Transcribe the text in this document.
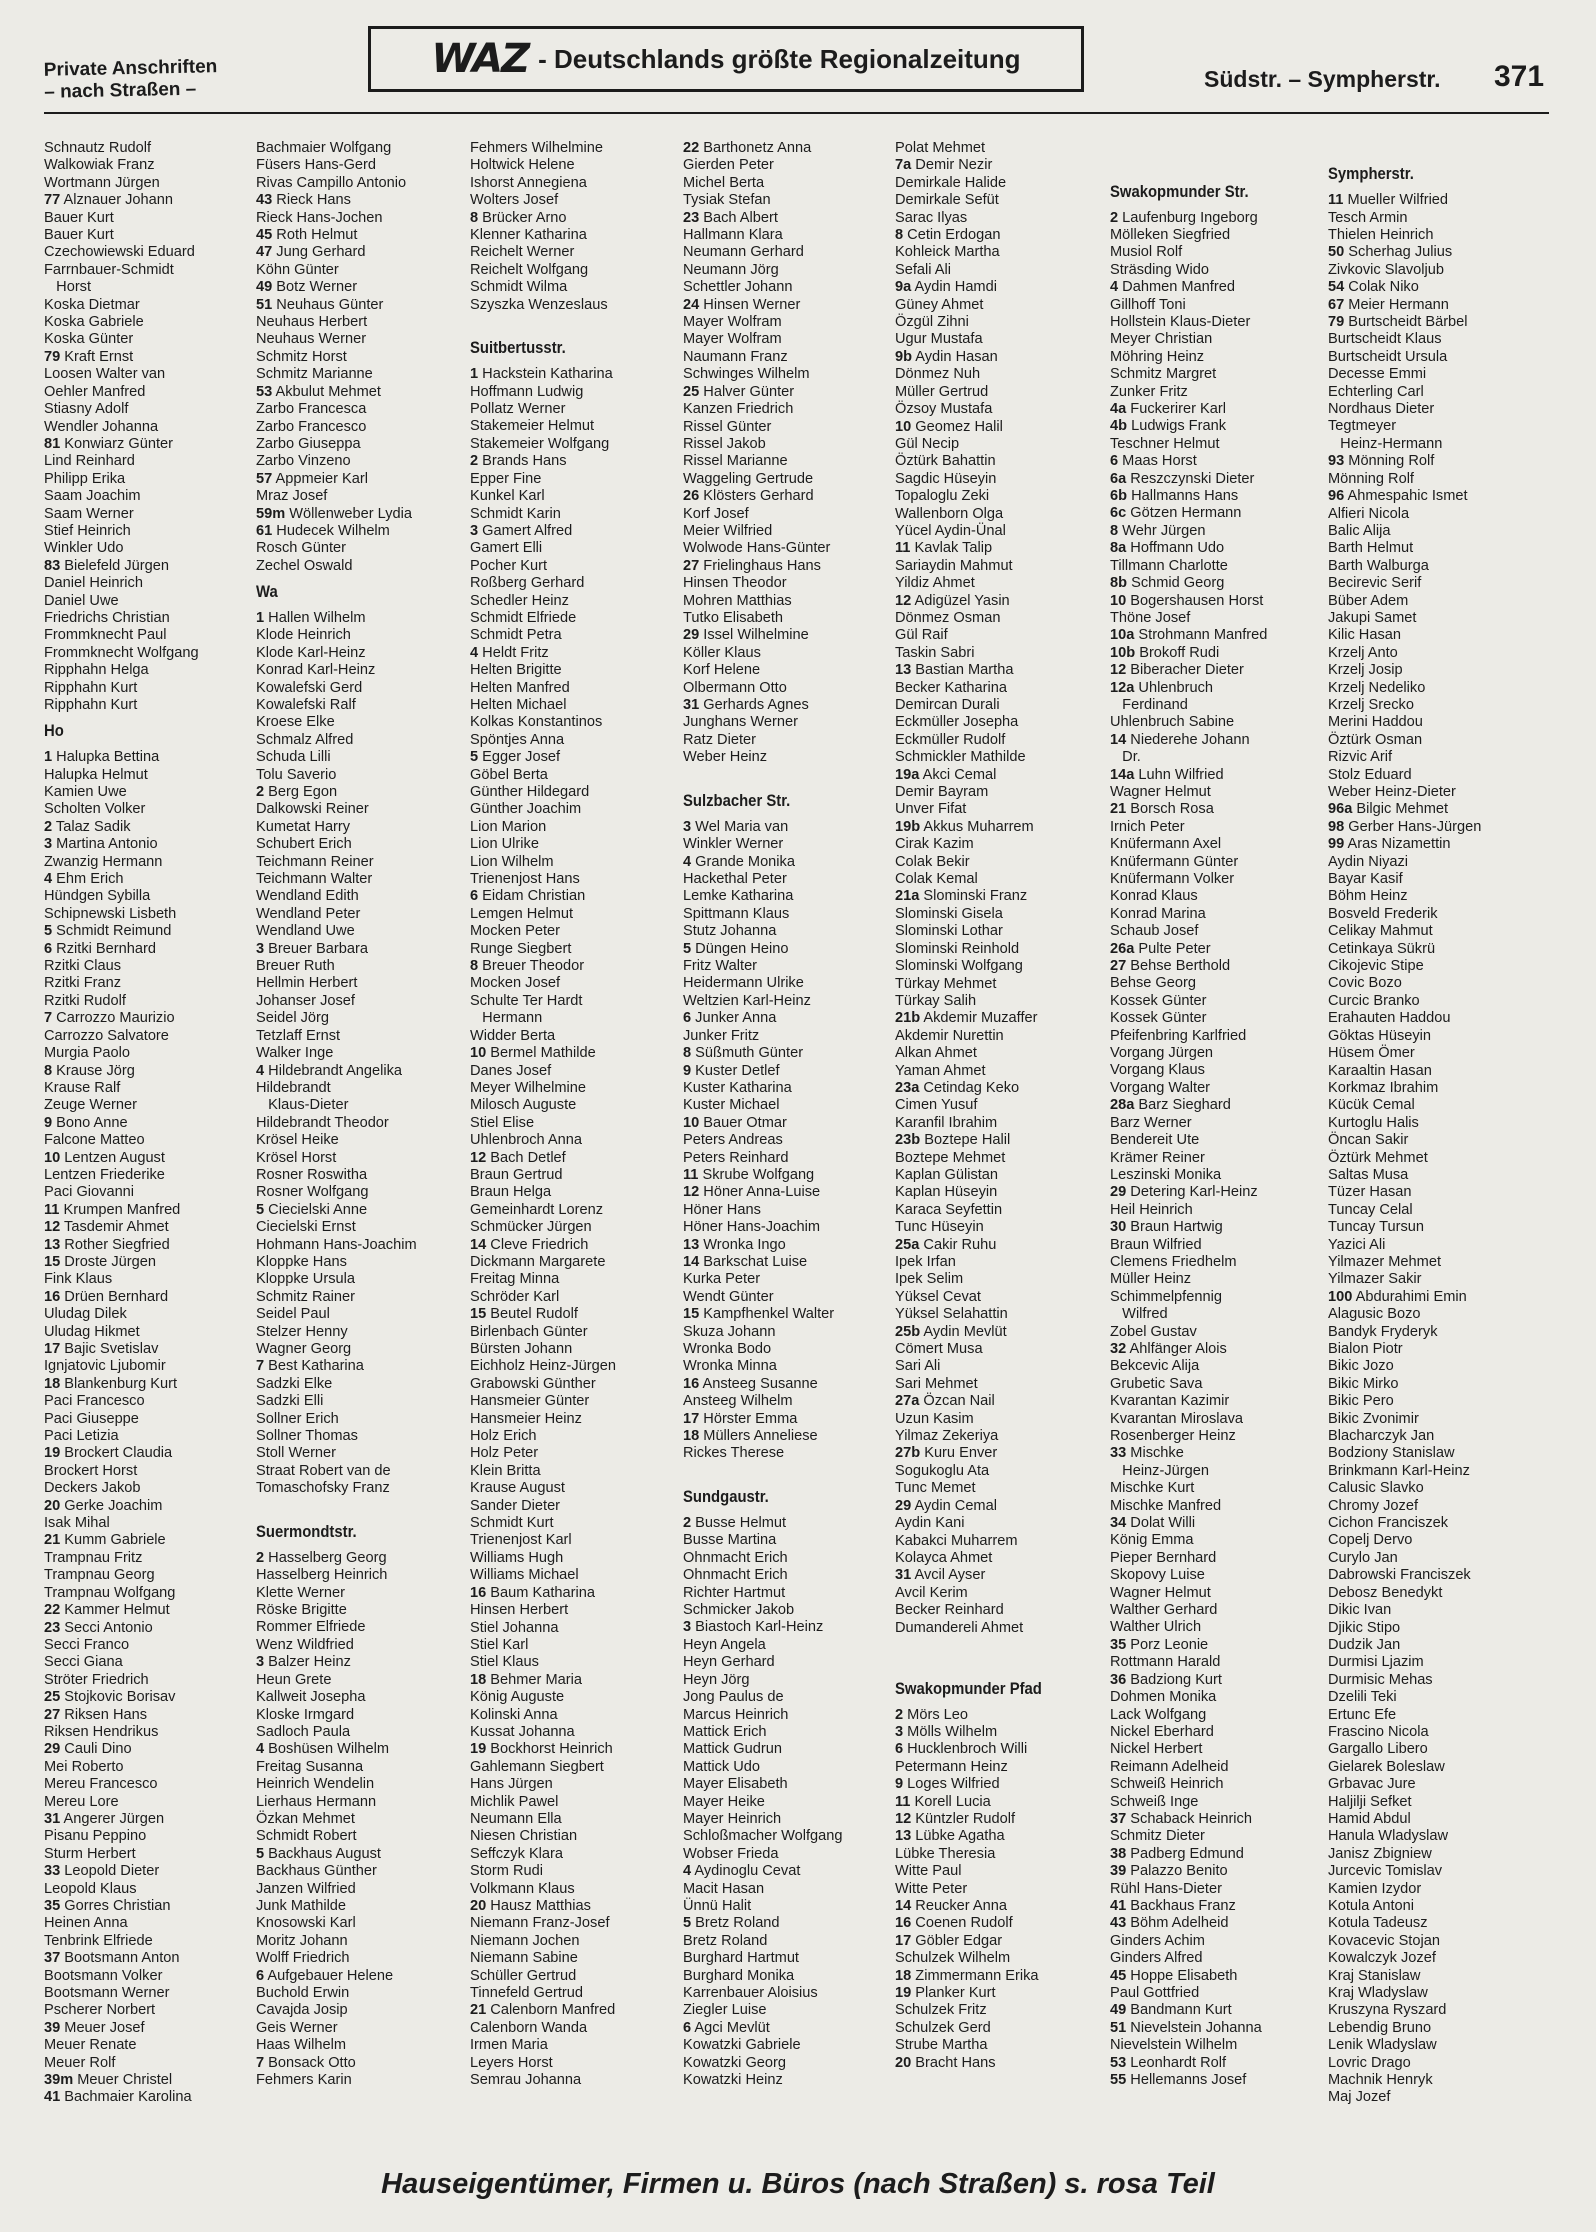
Private Anschriften
– nach Straßen –
WAZ - Deutschlands größte Regionalzeitung
Südstr. – Sympherstr. 371
Schnautz Rudolf
Walkowiak Franz
Wortmann Jürgen
77 Alznauer Johann
Bauer Kurt
Bauer Kurt
Czechowiewski Eduard
Farrnbauer-Schmidt
Horst
Koska Dietmar
Koska Gabriele
Koska Günter
79 Kraft Ernst
Loosen Walter van
Oehler Manfred
Stiasny Adolf
Wendler Johanna
81 Konwiarz Günter
Lind Reinhard
Philipp Erika
Saam Joachim
Saam Werner
Stief Heinrich
Winkler Udo
83 Bielefeld Jürgen
Daniel Heinrich
Daniel Uwe
Friedrichs Christian
Frommknecht Paul
Frommknecht Wolfgang
Ripphahn Helga
Ripphahn Kurt
Ripphahn Kurt
Ho
1 Halupka Bettina
Halupka Helmut
Kamien Uwe
Scholten Volker
2 Talaz Sadik
3 Martina Antonio
Zwanzig Hermann
4 Ehm Erich
Hündgen Sybilla
Schipnewski Lisbeth
5 Schmidt Reimund
6 Rzitki Bernhard
Rzitki Claus
Rzitki Franz
Rzitki Rudolf
7 Carrozzo Maurizio
Carrozzo Salvatore
Murgia Paolo
8 Krause Jörg
Krause Ralf
Zeuge Werner
9 Bono Anne
Falcone Matteo
10 Lentzen August
Lentzen Friederike
Paci Giovanni
11 Krumpen Manfred
12 Tasdemir Ahmet
13 Rother Siegfried
15 Droste Jürgen
Fink Klaus
16 Drüen Bernhard
Uludag Dilek
Uludag Hikmet
17 Bajic Svetislav
Ignjatovic Ljubomir
18 Blankenburg Kurt
Paci Francesco
Paci Giuseppe
Paci Letizia
19 Brockert Claudia
Brockert Horst
Deckers Jakob
20 Gerke Joachim
Isak Mihal
21 Kumm Gabriele
Trampnau Fritz
Trampnau Georg
Trampnau Wolfgang
22 Kammer Helmut
23 Secci Antonio
Secci Franco
Secci Giana
Ströter Friedrich
25 Stojkovic Borisav
27 Riksen Hans
Riksen Hendrikus
29 Cauli Dino
Mei Roberto
Mereu Francesco
Mereu Lore
31 Angerer Jürgen
Pisanu Peppino
Sturm Herbert
33 Leopold Dieter
Leopold Klaus
35 Gorres Christian
Heinen Anna
Tenbrink Elfriede
37 Bootsmann Anton
Bootsmann Volker
Bootsmann Werner
Pscherer Norbert
39 Meuer Josef
Meuer Renate
Meuer Rolf
39m Meuer Christel
41 Bachmaier Karolina
Bachmaier Wolfgang
Füsers Hans-Gerd
Rivas Campillo Antonio
43 Rieck Hans
Rieck Hans-Jochen
45 Roth Helmut
47 Jung Gerhard
Köhn Günter
49 Botz Werner
51 Neuhaus Günter
Neuhaus Herbert
Neuhaus Werner
Schmitz Horst
Schmitz Marianne
53 Akbulut Mehmet
Zarbo Francesca
Zarbo Francesco
Zarbo Giuseppa
Zarbo Vinzeno
57 Appmeier Karl
Mraz Josef
59m Wöllenweber Lydia
61 Hudecek Wilhelm
Rosch Günter
Zechel Oswald
Wa
1 Hallen Wilhelm
Klode Heinrich
Klode Karl-Heinz
Konrad Karl-Heinz
Kowalefski Gerd
Kowalefski Ralf
Kroese Elke
Schmalz Alfred
Schuda Lilli
Tolu Saverio
2 Berg Egon
Dalkowski Reiner
Kumetat Harry
Schubert Erich
Teichmann Reiner
Teichmann Walter
Wendland Edith
Wendland Peter
Wendland Uwe
3 Breuer Barbara
Breuer Ruth
Hellmin Herbert
Johanser Josef
Seidel Jörg
Tetzlaff Ernst
Walker Inge
4 Hildebrandt Angelika
Hildebrandt
Klaus-Dieter
Hildebrandt Theodor
Krösel Heike
Krösel Horst
Rosner Roswitha
Rosner Wolfgang
5 Ciecielski Anne
Ciecielski Ernst
Hohmann Hans-Joachim
Kloppke Hans
Kloppke Ursula
Schmitz Rainer
Seidel Paul
Stelzer Henny
Wagner Georg
7 Best Katharina
Sadzki Elke
Sadzki Elli
Sollner Erich
Sollner Thomas
Stoll Werner
Straat Robert van de
Tomaschofsky Franz
Suermondtstr.
2 Hasselberg Georg
Hasselberg Heinrich
Klette Werner
Röske Brigitte
Rommer Elfriede
Wenz Wildfried
3 Balzer Heinz
Heun Grete
Kallweit Josepha
Kloske Irmgard
Sadloch Paula
4 Boshüsen Wilhelm
Freitag Susanna
Heinrich Wendelin
Lierhaus Hermann
Özkan Mehmet
Schmidt Robert
5 Backhaus August
Backhaus Günther
Janzen Wilfried
Junk Mathilde
Knosowski Karl
Moritz Johann
Wolff Friedrich
6 Aufgebauer Helene
Buchold Erwin
Cavajda Josip
Geis Werner
Haas Wilhelm
7 Bonsack Otto
Fehmers Karin
Fehmers Wilhelmine
Holtwick Helene
Ishorst Annegiena
Wolters Josef
8 Brücker Arno
Klenner Katharina
Reichelt Werner
Reichelt Wolfgang
Schmidt Wilma
Szyszka Wenzeslaus
Suitbertusstr.
1 Hackstein Katharina
Hoffmann Ludwig
Pollatz Werner
Stakemeier Helmut
Stakemeier Wolfgang
2 Brands Hans
Epper Fine
Kunkel Karl
Schmidt Karin
3 Gamert Alfred
Gamert Elli
Pocher Kurt
Roßberg Gerhard
Schedler Heinz
Schmidt Elfriede
Schmidt Petra
4 Heldt Fritz
Helten Brigitte
Helten Manfred
Helten Michael
Kolkas Konstantinos
Spöntjes Anna
5 Egger Josef
Göbel Berta
Günther Hildegard
Günther Joachim
Lion Marion
Lion Ulrike
Lion Wilhelm
Trienenjost Hans
6 Eidam Christian
Lemgen Helmut
Mocken Peter
Runge Siegbert
8 Breuer Theodor
Mocken Josef
Schulte Ter Hardt
Hermann
Widder Berta
10 Bermel Mathilde
Danes Josef
Meyer Wilhelmine
Milosch Auguste
Stiel Elise
Uhlenbroch Anna
12 Bach Detlef
Braun Gertrud
Braun Helga
Gemeinhardt Lorenz
Schmücker Jürgen
14 Cleve Friedrich
Dickmann Margarete
Freitag Minna
Schröder Karl
15 Beutel Rudolf
Birlenbach Günter
Bürsten Johann
Eichholz Heinz-Jürgen
Grabowski Günther
Hansmeier Günter
Hansmeier Heinz
Holz Erich
Holz Peter
Klein Britta
Krause August
Sander Dieter
Schmidt Kurt
Trienenjost Karl
Williams Hugh
Williams Michael
16 Baum Katharina
Hinsen Herbert
Stiel Johanna
Stiel Karl
Stiel Klaus
18 Behmer Maria
König Auguste
Kolinski Anna
Kussat Johanna
19 Bockhorst Heinrich
Gahlemann Siegbert
Hans Jürgen
Michlik Pawel
Neumann Ella
Niesen Christian
Seffczyk Klara
Storm Rudi
Volkmann Klaus
20 Hausz Matthias
Niemann Franz-Josef
Niemann Jochen
Niemann Sabine
Schüller Gertrud
Tinnefeld Gertrud
21 Calenborn Manfred
Calenborn Wanda
Irmen Maria
Leyers Horst
Semrau Johanna
22 Barthonetz Anna
Gierden Peter
Michel Berta
Tysiak Stefan
23 Bach Albert
Hallmann Klara
Neumann Gerhard
Neumann Jörg
Schettler Johann
24 Hinsen Werner
Mayer Wolfram
Mayer Wolfram
Naumann Franz
Schwinges Wilhelm
25 Halver Günter
Kanzen Friedrich
Rissel Günter
Rissel Jakob
Rissel Marianne
Waggeling Gertrude
26 Klösters Gerhard
Korf Josef
Meier Wilfried
Wolwode Hans-Günter
27 Frielinghaus Hans
Hinsen Theodor
Mohren Matthias
Tutko Elisabeth
29 Issel Wilhelmine
Köller Klaus
Korf Helene
Olbermann Otto
31 Gerhards Agnes
Junghans Werner
Ratz Dieter
Weber Heinz
Sulzbacher Str.
3 Wel Maria van
Winkler Werner
4 Grande Monika
Hackethal Peter
Lemke Katharina
Spittmann Klaus
Stutz Johanna
5 Düngen Heino
Fritz Walter
Heidermann Ulrike
Weltzien Karl-Heinz
6 Junker Anna
Junker Fritz
8 Süßmuth Günter
9 Kuster Detlef
Kuster Katharina
Kuster Michael
10 Bauer Otmar
Peters Andreas
Peters Reinhard
11 Skrube Wolfgang
12 Höner Anna-Luise
Höner Hans
Höner Hans-Joachim
13 Wronka Ingo
14 Barkschat Luise
Kurka Peter
Wendt Günter
15 Kampfhenkel Walter
Skuza Johann
Wronka Bodo
Wronka Minna
16 Ansteeg Susanne
Ansteeg Wilhelm
17 Hörster Emma
18 Müllers Anneliese
Rickes Therese
Sundgaustr.
2 Busse Helmut
Busse Martina
Ohnmacht Erich
Ohnmacht Erich
Richter Hartmut
Schmicker Jakob
3 Biastoch Karl-Heinz
Heyn Angela
Heyn Gerhard
Heyn Jörg
Jong Paulus de
Marcus Heinrich
Mattick Erich
Mattick Gudrun
Mattick Udo
Mayer Elisabeth
Mayer Heike
Mayer Heinrich
Schloßmacher Wolfgang
Wobser Frieda
4 Aydinoglu Cevat
Macit Hasan
Ünnü Halit
5 Bretz Roland
Bretz Roland
Burghard Hartmut
Burghard Monika
Karrenbauer Aloisius
Ziegler Luise
6 Agci Mevlüt
Kowatzki Gabriele
Kowatzki Georg
Kowatzki Heinz
Polat Mehmet
7a Demir Nezir
Demirkale Halide
Demirkale Sefüt
Sarac Ilyas
8 Cetin Erdogan
Kohleick Martha
Sefali Ali
9a Aydin Hamdi
Güney Ahmet
Özgül Zihni
Ugur Mustafa
9b Aydin Hasan
Dönmez Nuh
Müller Gertrud
Özsoy Mustafa
10 Geomez Halil
Gül Necip
Öztürk Bahattin
Sagdic Hüseyin
Topaloglu Zeki
Wallenborn Olga
Yücel Aydin-Ünal
11 Kavlak Talip
Sariaydin Mahmut
Yildiz Ahmet
12 Adigüzel Yasin
Dönmez Osman
Gül Raif
Taskin Sabri
13 Bastian Martha
Becker Katharina
Demircan Durali
Eckmüller Josepha
Eckmüller Rudolf
Schmickler Mathilde
19a Akci Cemal
Demir Bayram
Unver Fifat
19b Akkus Muharrem
Cirak Kazim
Colak Bekir
Colak Kemal
21a Slominski Franz
Slominski Gisela
Slominski Lothar
Slominski Reinhold
Slominski Wolfgang
Türkay Mehmet
Türkay Salih
21b Akdemir Muzaffer
Akdemir Nurettin
Alkan Ahmet
Yaman Ahmet
23a Cetindag Keko
Cimen Yusuf
Karanfil Ibrahim
23b Boztepe Halil
Boztepe Mehmet
Kaplan Gülistan
Kaplan Hüseyin
Karaca Seyfettin
Tunc Hüseyin
25a Cakir Ruhu
Ipek Irfan
Ipek Selim
Yüksel Cevat
Yüksel Selahattin
25b Aydin Mevlüt
Cömert Musa
Sari Ali
Sari Mehmet
27a Özcan Nail
Uzun Kasim
Yilmaz Zekeriya
27b Kuru Enver
Sogukoglu Ata
Tunc Memet
29 Aydin Cemal
Aydin Kani
Kabakci Muharrem
Kolayca Ahmet
31 Avcil Ayser
Avcil Kerim
Becker Reinhard
Dumandereli Ahmet
Swakopmunder Pfad
2 Mörs Leo
3 Mölls Wilhelm
6 Hucklenbroch Willi
Petermann Heinz
9 Loges Wilfried
11 Korell Lucia
12 Küntzler Rudolf
13 Lübke Agatha
Lübke Theresia
Witte Paul
Witte Peter
14 Reucker Anna
16 Coenen Rudolf
17 Göbler Edgar
Schulzek Wilhelm
18 Zimmermann Erika
19 Planker Kurt
Schulzek Fritz
Schulzek Gerd
Strube Martha
20 Bracht Hans
Swakopmunder Str.
2 Laufenburg Ingeborg
Mölleken Siegfried
Musiol Rolf
Sträsding Wido
4 Dahmen Manfred
Gillhoff Toni
Hollstein Klaus-Dieter
Meyer Christian
Möhring Heinz
Schmitz Margret
Zunker Fritz
4a Fuckerirer Karl
4b Ludwigs Frank
Teschner Helmut
6 Maas Horst
6a Reszczynski Dieter
6b Hallmanns Hans
6c Götzen Hermann
8 Wehr Jürgen
8a Hoffmann Udo
Tillmann Charlotte
8b Schmid Georg
10 Bogershausen Horst
Thöne Josef
10a Strohmann Manfred
10b Brokoff Rudi
12 Biberacher Dieter
12a Uhlenbruch
Ferdinand
Uhlenbruch Sabine
14 Niederehe Johann
Dr.
14a Luhn Wilfried
Wagner Helmut
21 Borsch Rosa
Irnich Peter
Knüfermann Axel
Knüfermann Günter
Knüfermann Volker
Konrad Klaus
Konrad Marina
Schaub Josef
26a Pulte Peter
27 Behse Berthold
Behse Georg
Kossek Günter
Kossek Günter
Pfeifenbring Karlfried
Vorgang Jürgen
Vorgang Klaus
Vorgang Walter
28a Barz Sieghard
Barz Werner
Bendereit Ute
Krämer Reiner
Leszinski Monika
29 Detering Karl-Heinz
Heil Heinrich
30 Braun Hartwig
Braun Wilfried
Clemens Friedhelm
Müller Heinz
Schimmelpfennig
Wilfred
Zobel Gustav
32 Ahlfänger Alois
Bekcevic Alija
Grubetic Sava
Kvarantan Kazimir
Kvarantan Miroslava
Rosenberger Heinz
33 Mischke
Heinz-Jürgen
Mischke Kurt
Mischke Manfred
34 Dolat Willi
König Emma
Pieper Bernhard
Skopovy Luise
Wagner Helmut
Walther Gerhard
Walther Ulrich
35 Porz Leonie
Rottmann Harald
36 Badziong Kurt
Dohmen Monika
Lack Wolfgang
Nickel Eberhard
Nickel Herbert
Reimann Adelheid
Schweiß Heinrich
Schweiß Inge
37 Schaback Heinrich
Schmitz Dieter
38 Padberg Edmund
39 Palazzo Benito
Rühl Hans-Dieter
41 Backhaus Franz
43 Böhm Adelheid
Ginders Achim
Ginders Alfred
45 Hoppe Elisabeth
Paul Gottfried
49 Bandmann Kurt
51 Nievelstein Johanna
Nievelstein Wilhelm
53 Leonhardt Rolf
55 Hellemanns Josef
Sympherstr.
11 Mueller Wilfried
Tesch Armin
Thielen Heinrich
50 Scherhag Julius
Zivkovic Slavoljub
54 Colak Niko
67 Meier Hermann
79 Burtscheidt Bärbel
Burtscheidt Klaus
Burtscheidt Ursula
Decesse Emmi
Echterling Carl
Nordhaus Dieter
Tegtmeyer
Heinz-Hermann
93 Mönning Rolf
Mönning Rolf
96 Ahmespahic Ismet
Alfieri Nicola
Balic Alija
Barth Helmut
Barth Walburga
Becirevic Serif
Büber Adem
Jakupi Samet
Kilic Hasan
Krzelj Anto
Krzelj Josip
Krzelj Nedeliko
Krzelj Srecko
Merini Haddou
Öztürk Osman
Rizvic Arif
Stolz Eduard
Weber Heinz-Dieter
96a Bilgic Mehmet
98 Gerber Hans-Jürgen
99 Aras Nizamettin
Aydin Niyazi
Bayar Kasif
Böhm Heinz
Bosveld Frederik
Celikay Mahmut
Cetinkaya Sükrü
Cikojevic Stipe
Covic Bozo
Curcic Branko
Erahauten Haddou
Göktas Hüseyin
Hüsem Ömer
Karaaltin Hasan
Korkmaz Ibrahim
Kücük Cemal
Kurtoglu Halis
Öncan Sakir
Öztürk Mehmet
Saltas Musa
Tüzer Hasan
Tuncay Celal
Tuncay Tursun
Yazici Ali
Yilmazer Mehmet
Yilmazer Sakir
100 Abdurahimi Emin
Alagusic Bozo
Bandyk Fryderyk
Bialon Piotr
Bikic Jozo
Bikic Mirko
Bikic Pero
Bikic Zvonimir
Blacharczyk Jan
Bodziony Stanislaw
Brinkmann Karl-Heinz
Calusic Slavko
Chromy Jozef
Cichon Franciszek
Copelj Dervo
Curylo Jan
Dabrowski Franciszek
Debosz Benedykt
Dikic Ivan
Djikic Stipo
Dudzik Jan
Durmisi Ljazim
Durmisic Mehas
Dzelili Teki
Ertunc Efe
Frascino Nicola
Gargallo Libero
Gielarek Boleslaw
Grbavac Jure
Haljilji Sefket
Hamid Abdul
Hanula Wladyslaw
Janisz Zbigniew
Jurcevic Tomislav
Kamien Izydor
Kotula Antoni
Kotula Tadeusz
Kovacevic Stojan
Kowalczyk Jozef
Kraj Stanislaw
Kraj Wladyslaw
Kruszyna Ryszard
Lebendig Bruno
Lenik Wladyslaw
Lovric Drago
Machnik Henryk
Maj Jozef
Hauseigentümer, Firmen u. Büros (nach Straßen) s. rosa Teil
